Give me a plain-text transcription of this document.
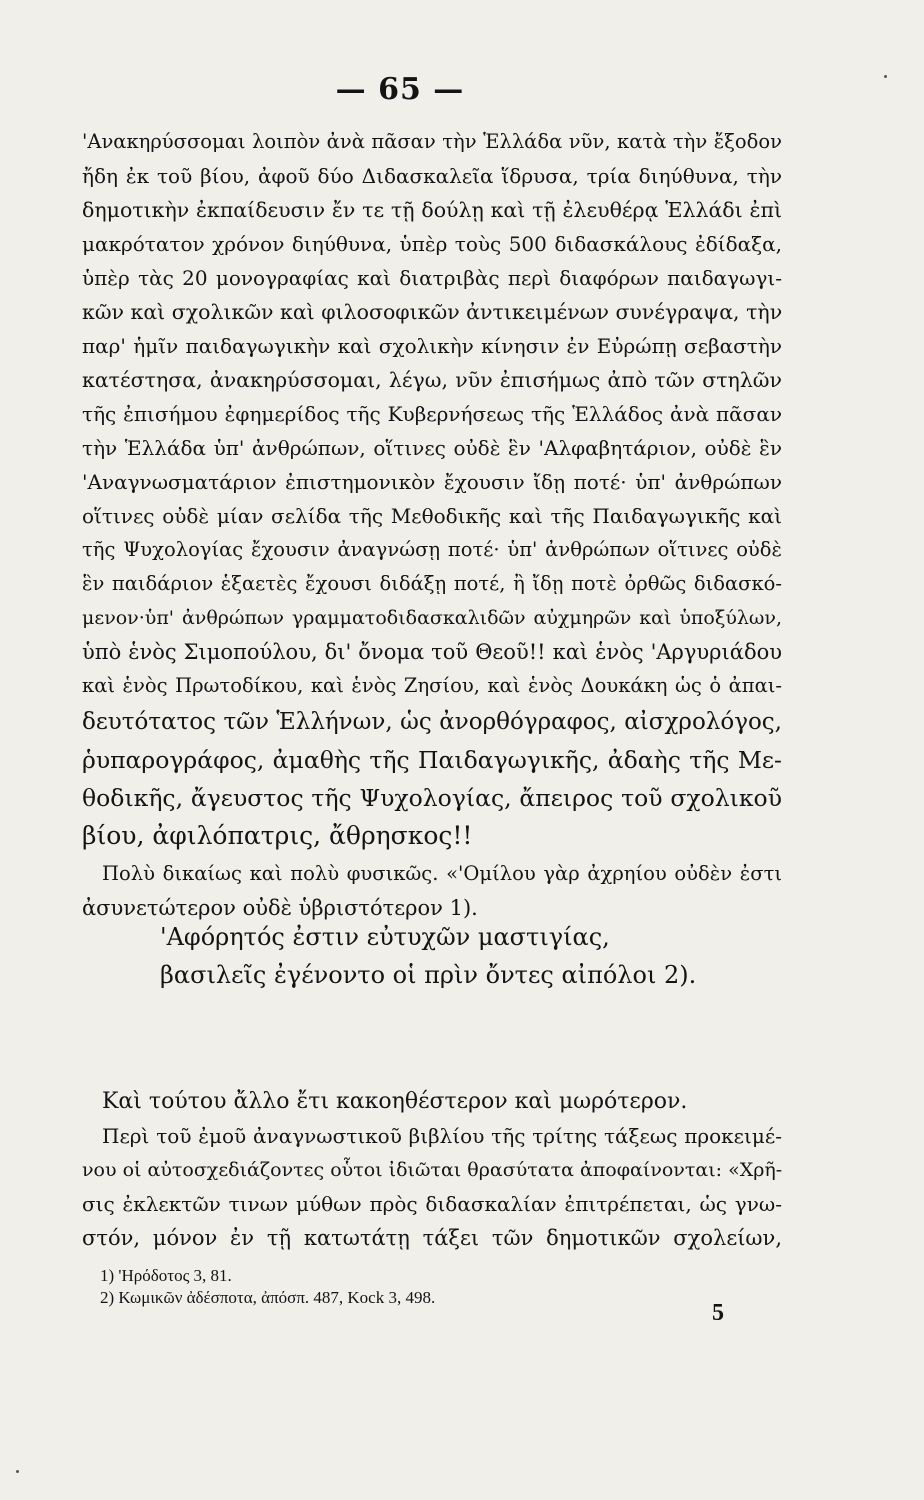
— 65 —

'Ανακηρύσσομαι λοιπὸν ἀνὰ πᾶσαν τὴν Ἑλλάδα νῦν, κατὰ τὴν ἔξοδον
ἤδη ἐκ τοῦ βίου, ἀφοῦ δύο Διδασκαλεῖα ἵδρυσα, τρία διηύθυνα, τὴν
δημοτικὴν ἐκπαίδευσιν ἔν τε τῇ δούλῃ καὶ τῇ ἐλευθέρᾳ Ἑλλάδι ἐπὶ
μακρότατον χρόνον διηύθυνα, ὑπὲρ τοὺς 500 διδασκάλους ἐδίδαξα,
ὑπὲρ τὰς 20 μονογραφίας καὶ διατριβὰς περὶ διαφόρων παιδαγωγι-
κῶν καὶ σχολικῶν καὶ φιλοσοφικῶν ἀντικειμένων συνέγραψα, τὴν
παρ' ἡμῖν παιδαγωγικὴν καὶ σχολικὴν κίνησιν ἐν Εὐρώπῃ σεβαστὴν
κατέστησα, ἀνακηρύσσομαι, λέγω, νῦν ἐπισήμως ἀπὸ τῶν στηλῶν
τῆς ἐπισήμου ἐφημερίδος τῆς Κυβερνήσεως τῆς Ἑλλάδος ἀνὰ πᾶσαν
τὴν Ἑλλάδα ὑπ' ἀνθρώπων, οἵτινες οὐδὲ ἓν 'Αλφαβητάριον, οὐδὲ ἓν
'Αναγνωσματάριον ἐπιστημονικὸν ἔχουσιν ἴδῃ ποτέ· ὑπ' ἀνθρώπων
οἵτινες οὐδὲ μίαν σελίδα τῆς Μεθοδικῆς καὶ τῆς Παιδαγωγικῆς καὶ
τῆς Ψυχολογίας ἔχουσιν ἀναγνώσῃ ποτέ· ὑπ' ἀνθρώπων οἵτινες οὐδὲ
ἓν παιδάριον ἑξαετὲς ἔχουσι διδάξῃ ποτέ, ἢ ἴδῃ ποτὲ ὀρθῶς διδασκό-
μενον·ὑπ' ἀνθρώπων γραμματοδιδασκαλιδῶν αὐχμηρῶν καὶ ὑποξύλων,
ὑπὸ ἑνὸς Σιμοπούλου, δι' ὄνομα τοῦ Θεοῦ!! καὶ ἑνὸς 'Αργυριάδου
καὶ ἑνὸς Πρωτοδίκου, καὶ ἑνὸς Ζησίου, καὶ ἑνὸς Δουκάκη ὡς ὁ ἀπαι-

δευτότατος τῶν Ἑλλήνων, ὡς ἀνορθόγραφος, αἰσχρολόγος,
ῥυπαρογράφος, ἀμαθὴς τῆς Παιδαγωγικῆς, ἀδαὴς τῆς Με-
θοδικῆς, ἄγευστος τῆς Ψυχολογίας, ἄπειρος τοῦ σχολικοῦ
βίου, ἀφιλόπατρις, ἄθρησκος!!

Πολὺ δικαίως καὶ πολὺ φυσικῶς. «'Ομίλου γὰρ ἀχρηίου οὐδὲν ἐστι
ἀσυνετώτερον οὐδὲ ὑβριστότερον 1).

'Αφόρητός ἐστιν εὐτυχῶν μαστιγίας,
βασιλεῖς ἐγένοντο οἱ πρὶν ὄντες αἰπόλοι 2).

Καὶ τούτου ἄλλο ἔτι κακοηθέστερον καὶ μωρότερον.
Περὶ τοῦ ἐμοῦ ἀναγνωστικοῦ βιβλίου τῆς τρίτης τάξεως προκειμέ-
νου οἱ αὐτοσχεδιάζοντες οὗτοι ἰδιῶται θρασύτατα ἀποφαίνονται: «Χρῆ-
σις ἐκλεκτῶν τινων μύθων πρὸς διδασκαλίαν ἐπιτρέπεται, ὡς γνω-
στόν, μόνον ἐν τῇ κατωτάτῃ τάξει τῶν δημοτικῶν σχολείων,

1) 'Ηρόδοτος 3, 81.
2) Κωμικῶν ἀδέσποτα, ἀπόσπ. 487, Kock 3, 498.
5
